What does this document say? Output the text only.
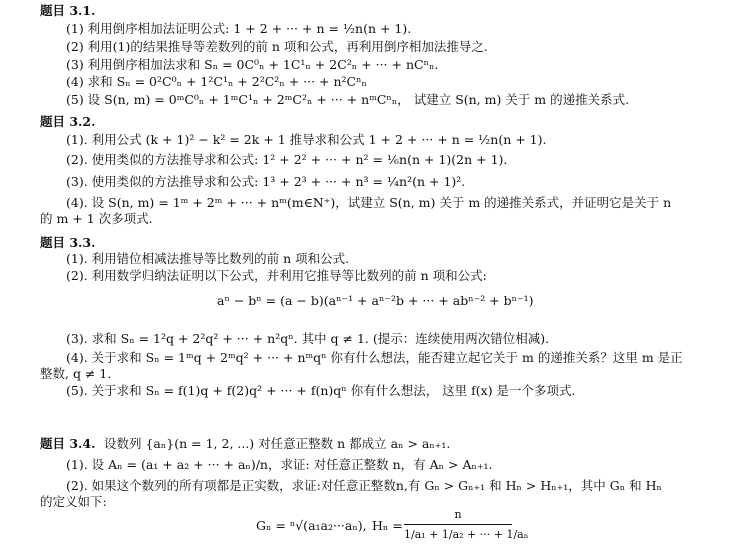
题目 3.1.
(1) 利用倒序相加法证明公式: 1 + 2 + ··· + n = ½n(n + 1).
(2) 利用(1)的结果推导等差数列的前 n 项和公式，再利用倒序相加法推导之.
(3) 利用倒序相加法求和 Sₙ = 0C⁰ₙ + 1C¹ₙ + 2C²ₙ + ··· + nCⁿₙ.
(4) 求和 Sₙ = 0²C⁰ₙ + 1²C¹ₙ + 2²C²ₙ + ··· + n²Cⁿₙ
(5) 设 S(n, m) = 0ᵐC⁰ₙ + 1ᵐC¹ₙ + 2ᵐC²ₙ + ··· + nᵐCⁿₙ， 试建立 S(n, m) 关于 m 的递推关系式.
题目 3.2.
(1). 利用公式 (k + 1)² − k² = 2k + 1 推导求和公式 1 + 2 + ··· + n = ½n(n + 1).
(2). 使用类似的方法推导求和公式: 1² + 2² + ··· + n² = ⅙n(n + 1)(2n + 1).
(3). 使用类似的方法推导求和公式: 1³ + 2³ + ··· + n³ = ¼n²(n + 1)².
(4). 设 S(n, m) = 1ᵐ + 2ᵐ + ··· + nᵐ(m∈N⁺)，试建立 S(n, m) 关于 m 的递推关系式，并证明它是关于 n
的 m + 1 次多项式.
题目 3.3.
(1). 利用错位相减法推导等比数列的前 n 项和公式.
(2). 利用数学归纳法证明以下公式，并利用它推导等比数列的前 n 项和公式:
aⁿ − bⁿ = (a − b)(aⁿ⁻¹ + aⁿ⁻²b + ··· + abⁿ⁻² + bⁿ⁻¹)
(3). 求和 Sₙ = 1²q + 2²q² + ··· + n²qⁿ. 其中 q ≠ 1. (提示：连续使用两次错位相减).
(4). 关于求和 Sₙ = 1ᵐq + 2ᵐq² + ··· + nᵐqⁿ 你有什么想法，能否建立起它关于 m 的递推关系？这里 m 是正
整数, q ≠ 1.
(5). 关于求和 Sₙ = f(1)q + f(2)q² + ··· + f(n)qⁿ 你有什么想法， 这里 f(x) 是一个多项式.
题目 3.4. 设数列 {aₙ}(n = 1, 2, ...) 对任意正整数 n 都成立 aₙ > aₙ₊₁.
(1). 设 Aₙ = (a₁ + a₂ + ··· + aₙ)/n，求证: 对任意正整数 n，有 Aₙ > Aₙ₊₁.
(2). 如果这个数列的所有项都是正实数，求证:对任意正整数n,有 Gₙ > Gₙ₊₁ 和 Hₙ > Hₙ₊₁，其中 Gₙ 和 Hₙ
的定义如下:
Gₙ = ⁿ√(a₁a₂···aₙ), Hₙ =
n
1/a₁ + 1/a₂ + ··· + 1/aₙ
